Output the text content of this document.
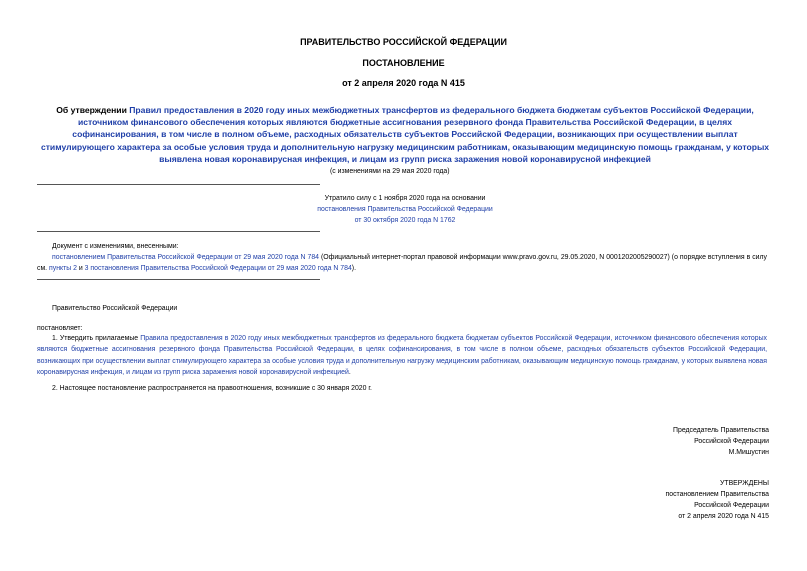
ПРАВИТЕЛЬСТВО РОССИЙСКОЙ ФЕДЕРАЦИИ
ПОСТАНОВЛЕНИЕ
от 2 апреля 2020 года N 415
Об утверждении Правил предоставления в 2020 году иных межбюджетных трансфертов из федерального бюджета бюджетам субъектов Российской Федерации, источником финансового обеспечения которых являются бюджетные ассигнования резервного фонда Правительства Российской Федерации, в целях софинансирования, в том числе в полном объеме, расходных обязательств субъектов Российской Федерации, возникающих при осуществлении выплат стимулирующего характера за особые условия труда и дополнительную нагрузку медицинским работникам, оказывающим медицинскую помощь гражданам, у которых выявлена новая коронавирусная инфекция, и лицам из групп риска заражения новой коронавирусной инфекцией
(с изменениями на 29 мая 2020 года)
Утратило силу с 1 ноября 2020 года на основании
постановления Правительства Российской Федерации
от 30 октября 2020 года N 1762
Документ с изменениями, внесенными:
постановлением Правительства Российской Федерации от 29 мая 2020 года N 784 (Официальный интернет-портал правовой информации www.pravo.gov.ru, 29.05.2020, N 0001202005290027) (о порядке вступления в силу см. пункты 2 и 3 постановления Правительства Российской Федерации от 29 мая 2020 года N 784).
Правительство Российской Федерации
постановляет:
1. Утвердить прилагаемые Правила предоставления в 2020 году иных межбюджетных трансфертов из федерального бюджета бюджетам субъектов Российской Федерации, источником финансового обеспечения которых являются бюджетные ассигнования резервного фонда Правительства Российской Федерации, в целях софинансирования, в том числе в полном объеме, расходных обязательств субъектов Российской Федерации, возникающих при осуществлении выплат стимулирующего характера за особые условия труда и дополнительную нагрузку медицинским работникам, оказывающим медицинскую помощь гражданам, у которых выявлена новая коронавирусная инфекция, и лицам из групп риска заражения новой коронавирусной инфекцией.
2. Настоящее постановление распространяется на правоотношения, возникшие с 30 января 2020 г.
Председатель Правительства
Российской Федерации
М.Мишустин
УТВЕРЖДЕНЫ
постановлением Правительства
Российской Федерации
от 2 апреля 2020 года N 415
